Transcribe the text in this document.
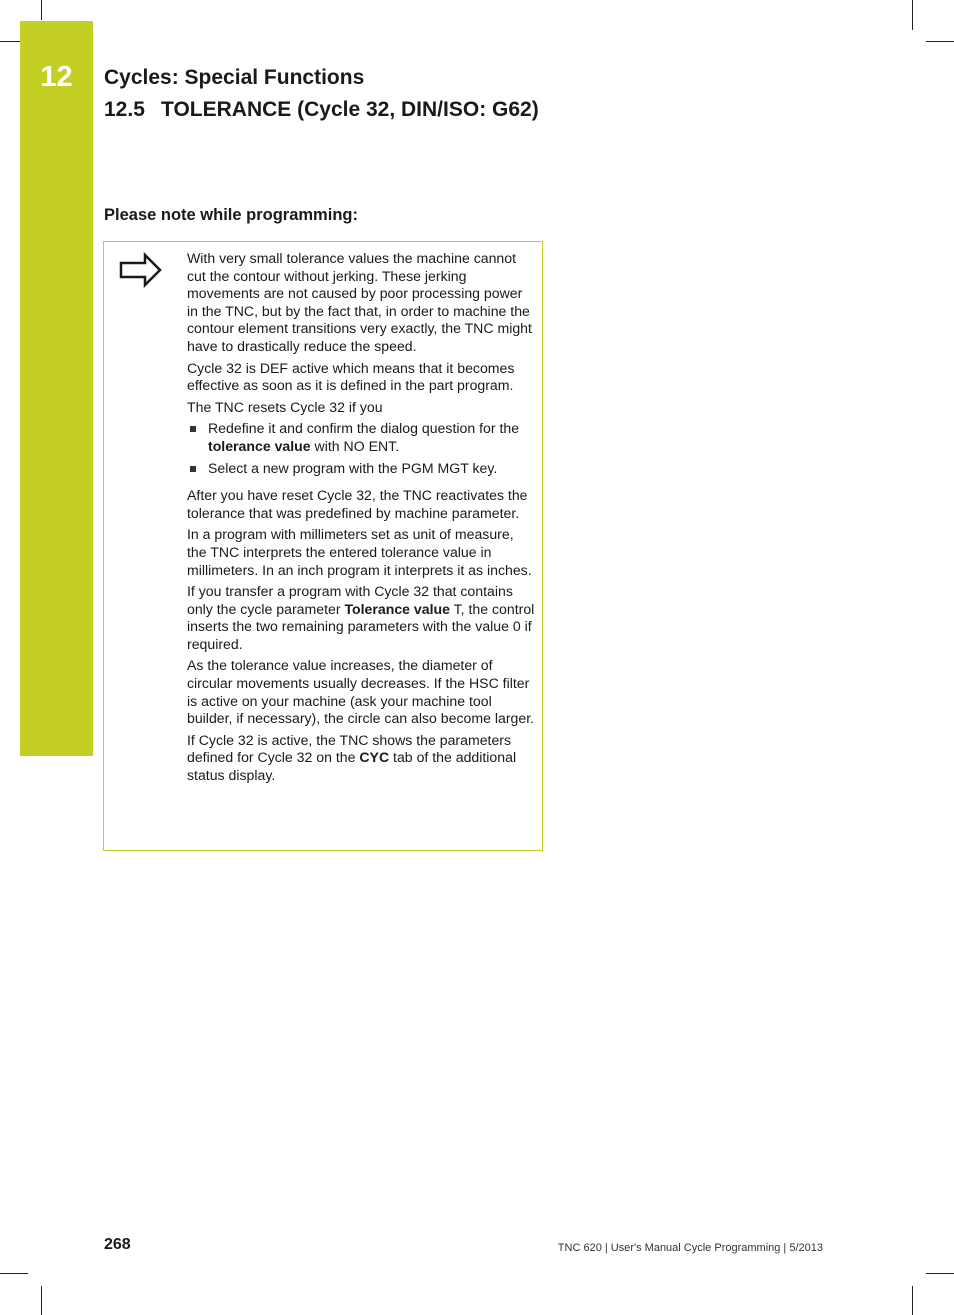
12	Cycles: Special Functions
12.5 TOLERANCE (Cycle 32, DIN/ISO: G62)
Please note while programming:

With very small tolerance values the machine cannot cut the contour without jerking. These jerking movements are not caused by poor processing power in the TNC, but by the fact that, in order to machine the contour element transitions very exactly, the TNC might have to drastically reduce the speed.

Cycle 32 is DEF active which means that it becomes effective as soon as it is defined in the part program.

The TNC resets Cycle 32 if you

Redefine it and confirm the dialog question for the tolerance value with NO ENT.
Select a new program with the PGM MGT key.

After you have reset Cycle 32, the TNC reactivates the tolerance that was predefined by machine parameter.

In a program with millimeters set as unit of measure, the TNC interprets the entered tolerance value in millimeters. In an inch program it interprets it as inches.

If you transfer a program with Cycle 32 that contains only the cycle parameter Tolerance value T, the control inserts the two remaining parameters with the value 0 if required.

As the tolerance value increases, the diameter of circular movements usually decreases. If the HSC filter is active on your machine (ask your machine tool builder, if necessary), the circle can also become larger.

If Cycle 32 is active, the TNC shows the parameters defined for Cycle 32 on the CYC tab of the additional status display.

268	TNC 620 | User's Manual Cycle Programming | 5/2013
